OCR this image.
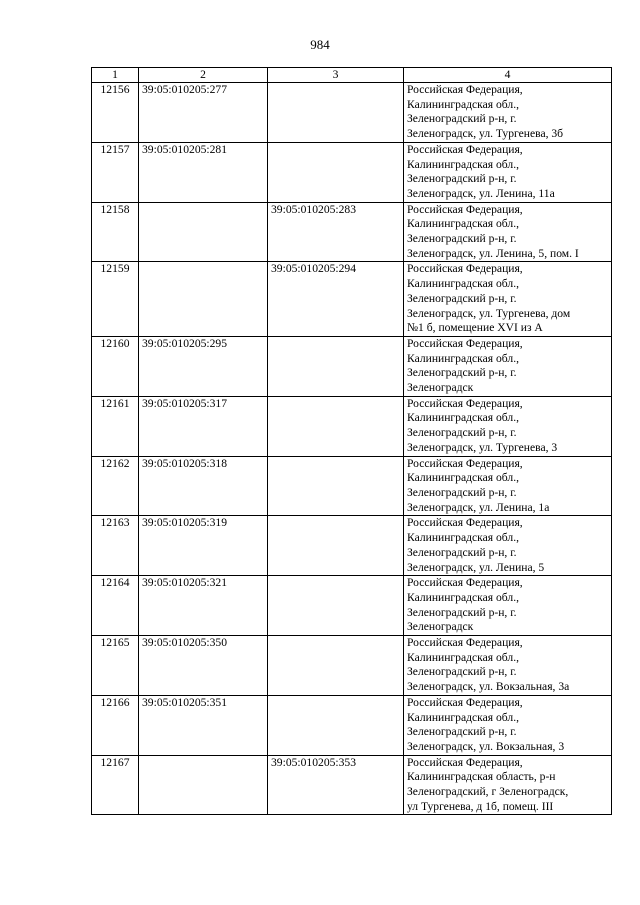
984
1	2	3	4
12156	39:05:010205:277		Российская Федерация,
Калининградская обл.,
Зеленоградский р-н, г.
Зеленоградск, ул. Тургенева, 3б

12157	39:05:010205:281		Российская Федерация,
Калининградская обл.,
Зеленоградский р-н, г.
Зеленоградск, ул. Ленина, 11а

12158		39:05:010205:283	Российская Федерация,
Калининградская обл.,
Зеленоградский р-н, г.
Зеленоградск, ул. Ленина, 5, пом. I

12159		39:05:010205:294	Российская Федерация,
Калининградская обл.,
Зеленоградский р-н, г.
Зеленоградск, ул. Тургенева, дом
№1 б, помещение XVI из А

12160	39:05:010205:295		Российская Федерация,
Калининградская обл.,
Зеленоградский р-н, г.
Зеленоградск

12161	39:05:010205:317		Российская Федерация,
Калининградская обл.,
Зеленоградский р-н, г.
Зеленоградск, ул. Тургенева, 3

12162	39:05:010205:318		Российская Федерация,
Калининградская обл.,
Зеленоградский р-н, г.
Зеленоградск, ул. Ленина, 1а

12163	39:05:010205:319		Российская Федерация,
Калининградская обл.,
Зеленоградский р-н, г.
Зеленоградск, ул. Ленина, 5

12164	39:05:010205:321		Российская Федерация,
Калининградская обл.,
Зеленоградский р-н, г.
Зеленоградск

12165	39:05:010205:350		Российская Федерация,
Калининградская обл.,
Зеленоградский р-н, г.
Зеленоградск, ул. Вокзальная, 3а

12166	39:05:010205:351		Российская Федерация,
Калининградская обл.,
Зеленоградский р-н, г.
Зеленоградск, ул. Вокзальная, 3

12167		39:05:010205:353	Российская Федерация,
Калининградская область, р-н
Зеленоградский, г Зеленоградск,
ул Тургенева, д 1б, помещ. III
